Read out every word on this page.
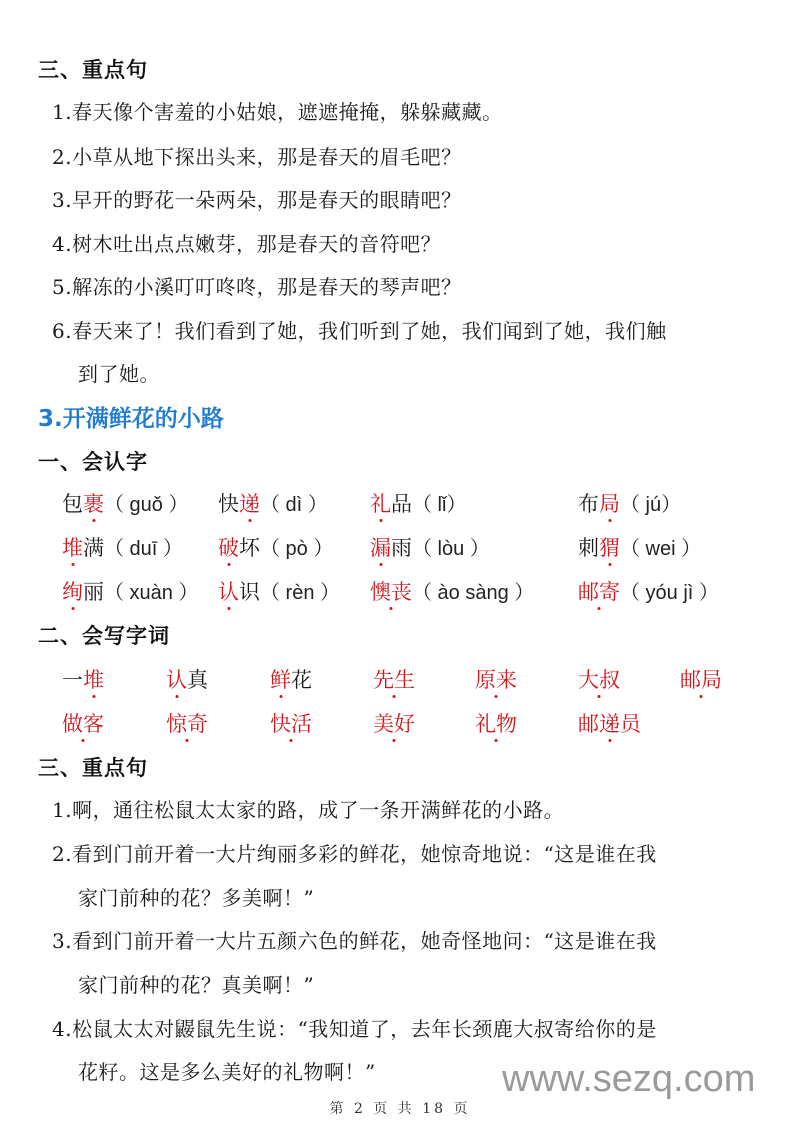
三、重点句
1.春天像个害羞的小姑娘，遮遮掩掩，躲躲藏藏。
2.小草从地下探出头来，那是春天的眉毛吧？
3.早开的野花一朵两朵，那是春天的眼睛吧？
4.树木吐出点点嫩芽，那是春天的音符吧？
5.解冻的小溪叮叮咚咚，那是春天的琴声吧？
6.春天来了！我们看到了她，我们听到了她，我们闻到了她，我们触
到了她。
3.开满鲜花的小路
一、会认字
包裹（ guǒ ） 快递（ dì ） 礼品（ lǐ）	布局（ jú）
堆满（ duī ） 破坏（ pò ） 漏雨（ lòu ）	刺猬（ wei ）
绚丽（ xuàn ） 认识（ rèn ） 懊丧（ ào sàng ） 邮寄（ yóu jì ）
二、会写字词
一堆	认真	鲜花	先生	原来	大叔	邮局
做客	惊奇	快活	美好	礼物	邮递员
三、重点句
1.啊，通往松鼠太太家的路，成了一条开满鲜花的小路。
2.看到门前开着一大片绚丽多彩的鲜花，她惊奇地说：“这是谁在我
家门前种的花？多美啊！”
3.看到门前开着一大片五颜六色的鲜花，她奇怪地问：“这是谁在我
家门前种的花？真美啊！”
4.松鼠太太对鼹鼠先生说：“我知道了，去年长颈鹿大叔寄给你的是
花籽。这是多么美好的礼物啊！”	www.sezq.com
第 2 页 共 18 页
